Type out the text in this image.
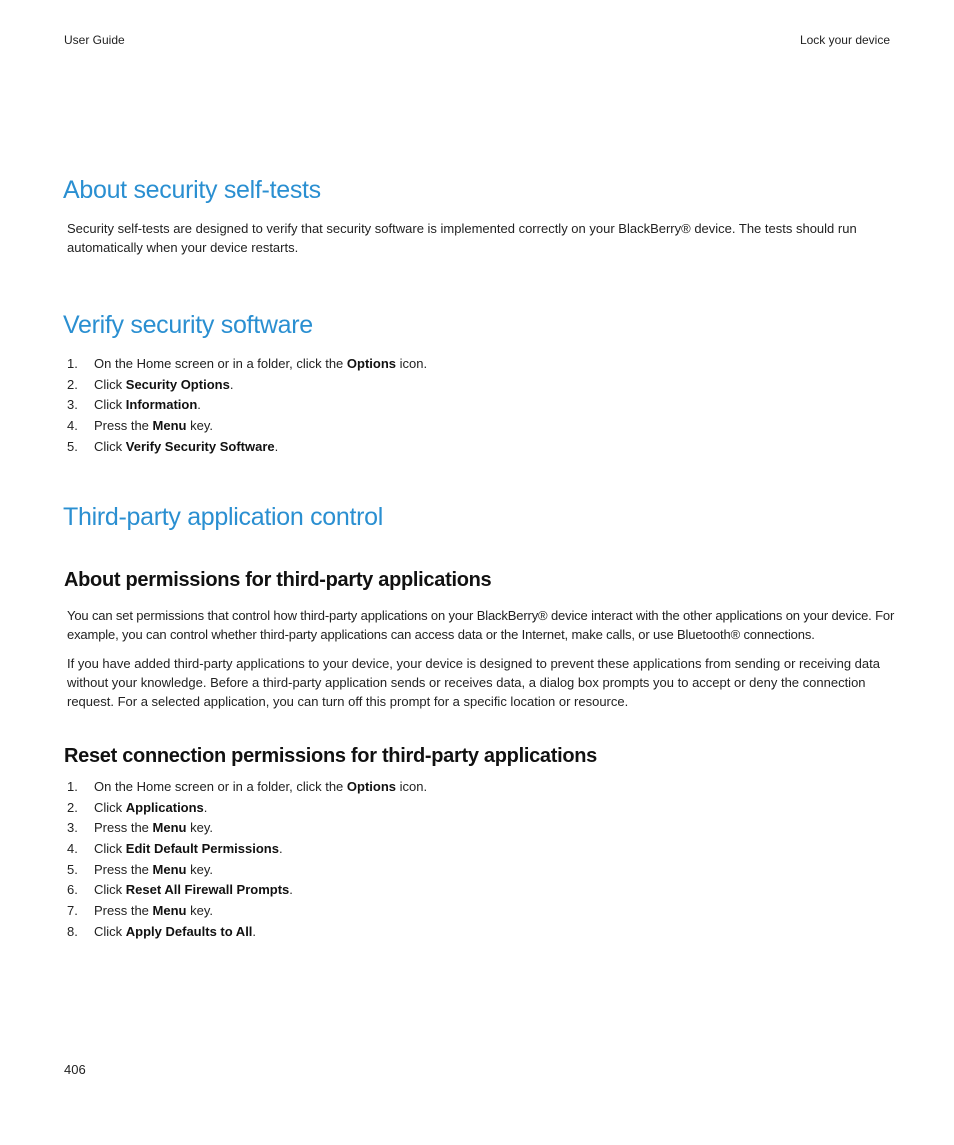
User Guide	Lock your device
About security self-tests

Security self-tests are designed to verify that security software is implemented correctly on your BlackBerry® device. The tests should run automatically when your device restarts.

Verify security software
1. On the Home screen or in a folder, click the Options icon.
2. Click Security Options.
3. Click Information.
4. Press the Menu key.
5. Click Verify Security Software.
Third-party application control
About permissions for third-party applications

You can set permissions that control how third-party applications on your BlackBerry® device interact with the other applications on your device. For example, you can control whether third-party applications can access data or the Internet, make calls, or use Bluetooth® connections.

If you have added third-party applications to your device, your device is designed to prevent these applications from sending or receiving data without your knowledge. Before a third-party application sends or receives data, a dialog box prompts you to accept or deny the connection request. For a selected application, you can turn off this prompt for a specific location or resource.

Reset connection permissions for third-party applications
1. On the Home screen or in a folder, click the Options icon.
2. Click Applications.
3. Press the Menu key.
4. Click Edit Default Permissions.
5. Press the Menu key.
6. Click Reset All Firewall Prompts.
7. Press the Menu key.
8. Click Apply Defaults to All.
406
